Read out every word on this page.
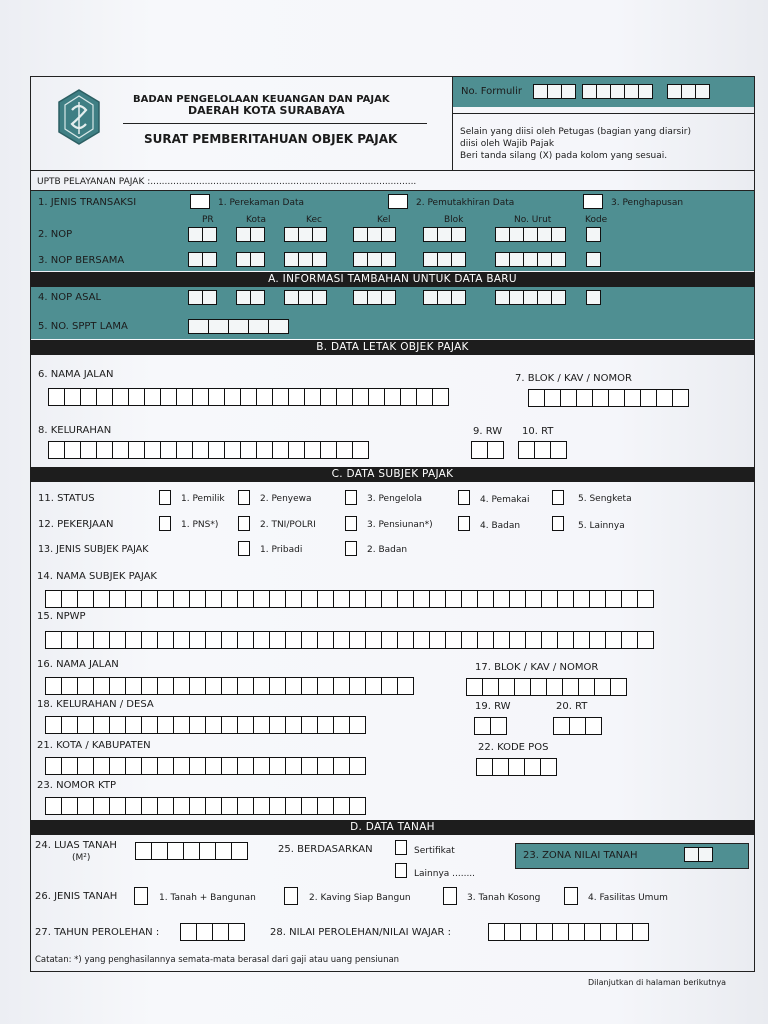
BADAN PENGELOLAAN KEUANGAN DAN PAJAK
DAERAH KOTA SURABAYA
SURAT PEMBERITAHUAN OBJEK PAJAK
No. Formulir
Selain yang diisi oleh Petugas (bagian yang diarsir)
diisi oleh Wajib Pajak
Beri tanda silang (X) pada kolom yang sesuai.
UPTB PELAYANAN PAJAK :.............................................................................................
1. JENIS TRANSAKSI	1. Perekaman Data	2. Pemutakhiran Data	3. Penghapusan
PR	Kota	Kec	Kel	Blok	No. Urut	Kode
2. NOP
3. NOP BERSAMA
A. INFORMASI TAMBAHAN UNTUK DATA BARU
4. NOP ASAL
5. NO. SPPT LAMA
B. DATA LETAK OBJEK PAJAK
6. NAMA JALAN	7. BLOK / KAV / NOMOR
8. KELURAHAN	9. RW 10. RT
C. DATA SUBJEK PAJAK
11. STATUS	1. Pemilik	2. Penyewa	3. Pengelola	4. Pemakai	5. Sengketa
12. PEKERJAAN	1. PNS*)	2. TNI/POLRI	3. Pensiunan*)	4. Badan	5. Lainnya
13. JENIS SUBJEK PAJAK	1. Pribadi	2. Badan
14. NAMA SUBJEK PAJAK
15. NPWP
16. NAMA JALAN	17. BLOK / KAV / NOMOR
18. KELURAHAN / DESA	19. RW	20. RT
21. KOTA / KABUPATEN	22. KODE POS
23. NOMOR KTP
D. DATA TANAH
24. LUAS TANAH
(M²)
25. BERDASARKAN	Sertifikat
Lainnya ........
23. ZONA NILAI TANAH
26. JENIS TANAH	1. Tanah + Bangunan	2. Kaving Siap Bangun	3. Tanah Kosong	4. Fasilitas Umum
27. TAHUN PEROLEHAN :	28. NILAI PEROLEHAN/NILAI WAJAR :
Catatan: *) yang penghasilannya semata-mata berasal dari gaji atau uang pensiunan
Dilanjutkan di halaman berikutnya
